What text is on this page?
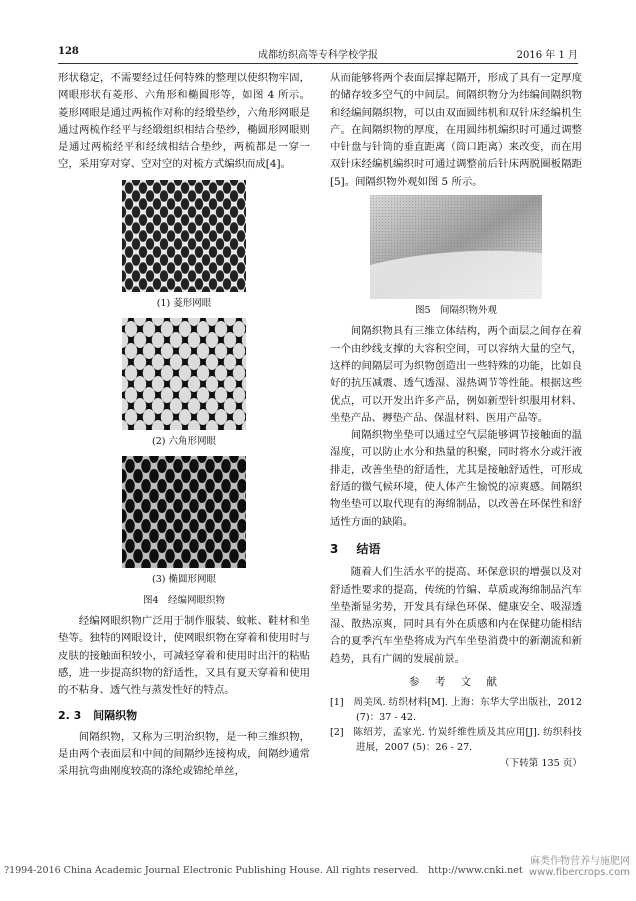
128	成都纺织高等专科学校学报	2016 年 1 月

形状稳定，不需要经过任何特殊的整理以使织物牢固，网眼形状有菱形、六角形和椭圆形等，如图 4 所示。菱形网眼是通过两梳作对称的经缎垫纱，六角形网眼是通过两梳作经平与经缎组织相结合垫纱，椭圆形网眼则是通过两梳经平和经绒相结合垫纱，两梳都是一穿一空，采用穿对穿、空对空的对梳方式编织而成[4]。

(1) 菱形网眼
(2) 六角形网眼
(3) 椭圆形网眼
图4　经编网眼织物

经编网眼织物广泛用于制作服装、蚊帐、鞋材和坐垫等。独特的网眼设计，使网眼织物在穿着和使用时与皮肤的接触面积较小，可减轻穿着和使用时出汗的粘贴感，进一步提高织物的舒适性，又具有夏天穿着和使用的不粘身、透气性与蒸发性好的特点。

2. 3 间隔织物

间隔织物，又称为三明治织物，是一种三维织物，是由两个表面层和中间的间隔纱连接构成，间隔纱通常采用抗弯曲刚度较高的涤纶或锦纶单丝，

从而能够将两个表面层撑起隔开，形成了具有一定厚度的储存较多空气的中间层。间隔织物分为纬编间隔织物和经编间隔织物，可以由双面圆纬机和双针床经编机生产。在间隔织物的厚度，在用圆纬机编织时可通过调整中针盘与针筒的垂直距离（筒口距离）来改变，而在用双针床经编机编织时可通过调整前后针床两脱圈板隔距[5]。间隔织物外观如图 5 所示。

图5　间隔织物外观

间隔织物具有三维立体结构，两个面层之间存在着一个由纱线支撑的大容积空间，可以容纳大量的空气，这样的间隔层可为织物创造出一些特殊的功能，比如良好的抗压减震、透气透湿、湿热调节等性能。根据这些优点，可以开发出许多产品，例如新型针织服用材料、坐垫产品、褥垫产品、保温材料、医用产品等。

间隔织物坐垫可以通过空气层能够调节接触面的温湿度，可以防止水分和热量的积聚，同时将水分或汗液排走，改善坐垫的舒适性，尤其是接触舒适性，可形成舒适的微气候环境，使人体产生愉悦的凉爽感。间隔织物坐垫可以取代现有的海绵制品，以改善在环保性和舒适性方面的缺陷。

3 结语

随着人们生活水平的提高、环保意识的增强以及对舒适性要求的提高，传统的竹编、草质或海绵制品汽车坐垫渐显劣势，开发具有绿色环保、健康安全、吸湿透湿、散热凉爽，同时具有外在质感和内在保健功能相结合的夏季汽车坐垫将成为汽车坐垫消费中的新潮流和新趋势，具有广阔的发展前景。

参 考 文 献

[1]　周美凤. 纺织材料[M]. 上海：东华大学出版社，2012 (7)：37 - 42.

[2]　陈绍芳，孟家光. 竹炭纤维性质及其应用[J]. 纺织科技进展，2007 (5)：26 - 27.

（下转第 135 页）
?1994-2016 China Academic Journal Electronic Publishing House. All rights reserved.　http://www.cnki.net
麻类作物营养与施肥网
www.fibercrops.com
